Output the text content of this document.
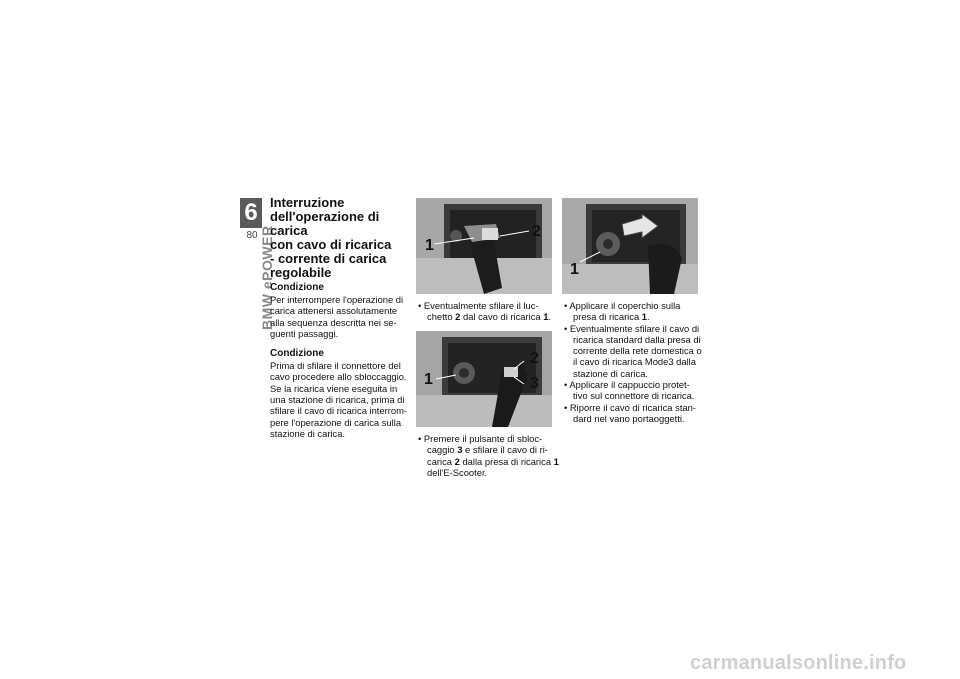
6
80 BMW ePOWER
Interruzione
dell'operazione di carica
con cavo di ricarica
- corrente di carica
regolabile
Condizione

Per interrompere l'operazione di
carica attenersi assolutamente
alla sequenza descritta nei se-
guenti passaggi.

Condizione

Prima di sfilare il connettore del
cavo procedere allo sbloccaggio.
Se la ricarica viene eseguita in
una stazione di ricarica, prima di
sfilare il cavo di ricarica interrom-
pere l'operazione di carica sulla
stazione di carica.

1
2
• Eventualmente sfilare il luc-
chetto 2 dal cavo di ricarica 1.
1
2
3
• Premere il pulsante di sbloc-
caggio 3 e sfilare il cavo di ri-
carica 2 dalla presa di ricarica 1
dell'E-Scooter.
1
• Applicare il coperchio sulla
presa di ricarica 1.
• Eventualmente sfilare il cavo di
ricarica standard dalla presa di
corrente della rete domestica o
il cavo di ricarica Mode3 dalla
stazione di carica.
• Applicare il cappuccio protet-
tivo sul connettore di ricarica.
• Riporre il cavo di ricarica stan-
dard nel vano portaoggetti.
carmanualsonline.info
